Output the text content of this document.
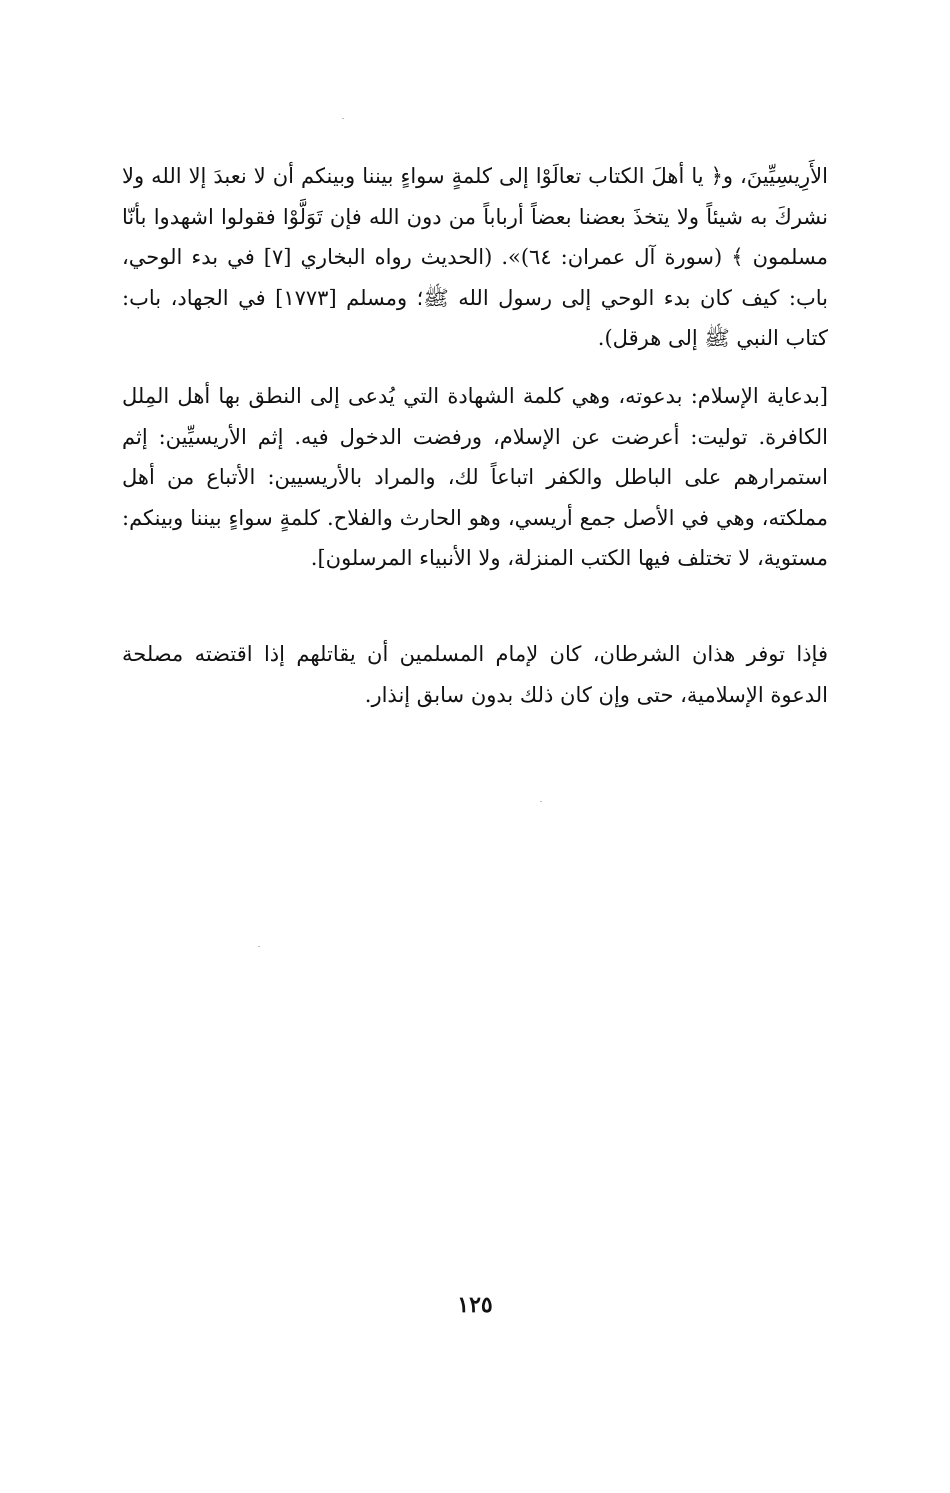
الأَرِيسِيِّينَ، و﴿ يا أهلَ الكتاب تعالَوْا إلى كلمةٍ سواءٍ بيننا وبينكم أن لا نعبدَ إلا الله ولا نشركَ به شيئاً ولا يتخذَ بعضنا بعضاً أرباباً من دون الله فإن تَوَلَّوْا فقولوا اشهدوا بأنّا مسلمون ﴾ (سورة آل عمران: ٦٤)». (الحديث رواه البخاري [٧] في بدء الوحي، باب: كيف كان بدء الوحي إلى رسول الله ﷺ؛ ومسلم [١٧٧٣] في الجهاد، باب: كتاب النبي ﷺ إلى هرقل).

[بدعاية الإسلام: بدعوته، وهي كلمة الشهادة التي يُدعى إلى النطق بها أهل المِلل الكافرة. توليت: أعرضت عن الإسلام، ورفضت الدخول فيه. إثم الأريسيِّين: إثم استمرارهم على الباطل والكفر اتباعاً لك، والمراد بالأريسيين: الأتباع من أهل مملكته، وهي في الأصل جمع أريسي، وهو الحارث والفلاح. كلمةٍ سواءٍ بيننا وبينكم: مستوية، لا تختلف فيها الكتب المنزلة، ولا الأنبياء المرسلون].

فإذا توفر هذان الشرطان، كان لإمام المسلمين أن يقاتلهم إذا اقتضته مصلحة الدعوة الإسلامية، حتى وإن كان ذلك بدون سابق إنذار.

١٢٥
